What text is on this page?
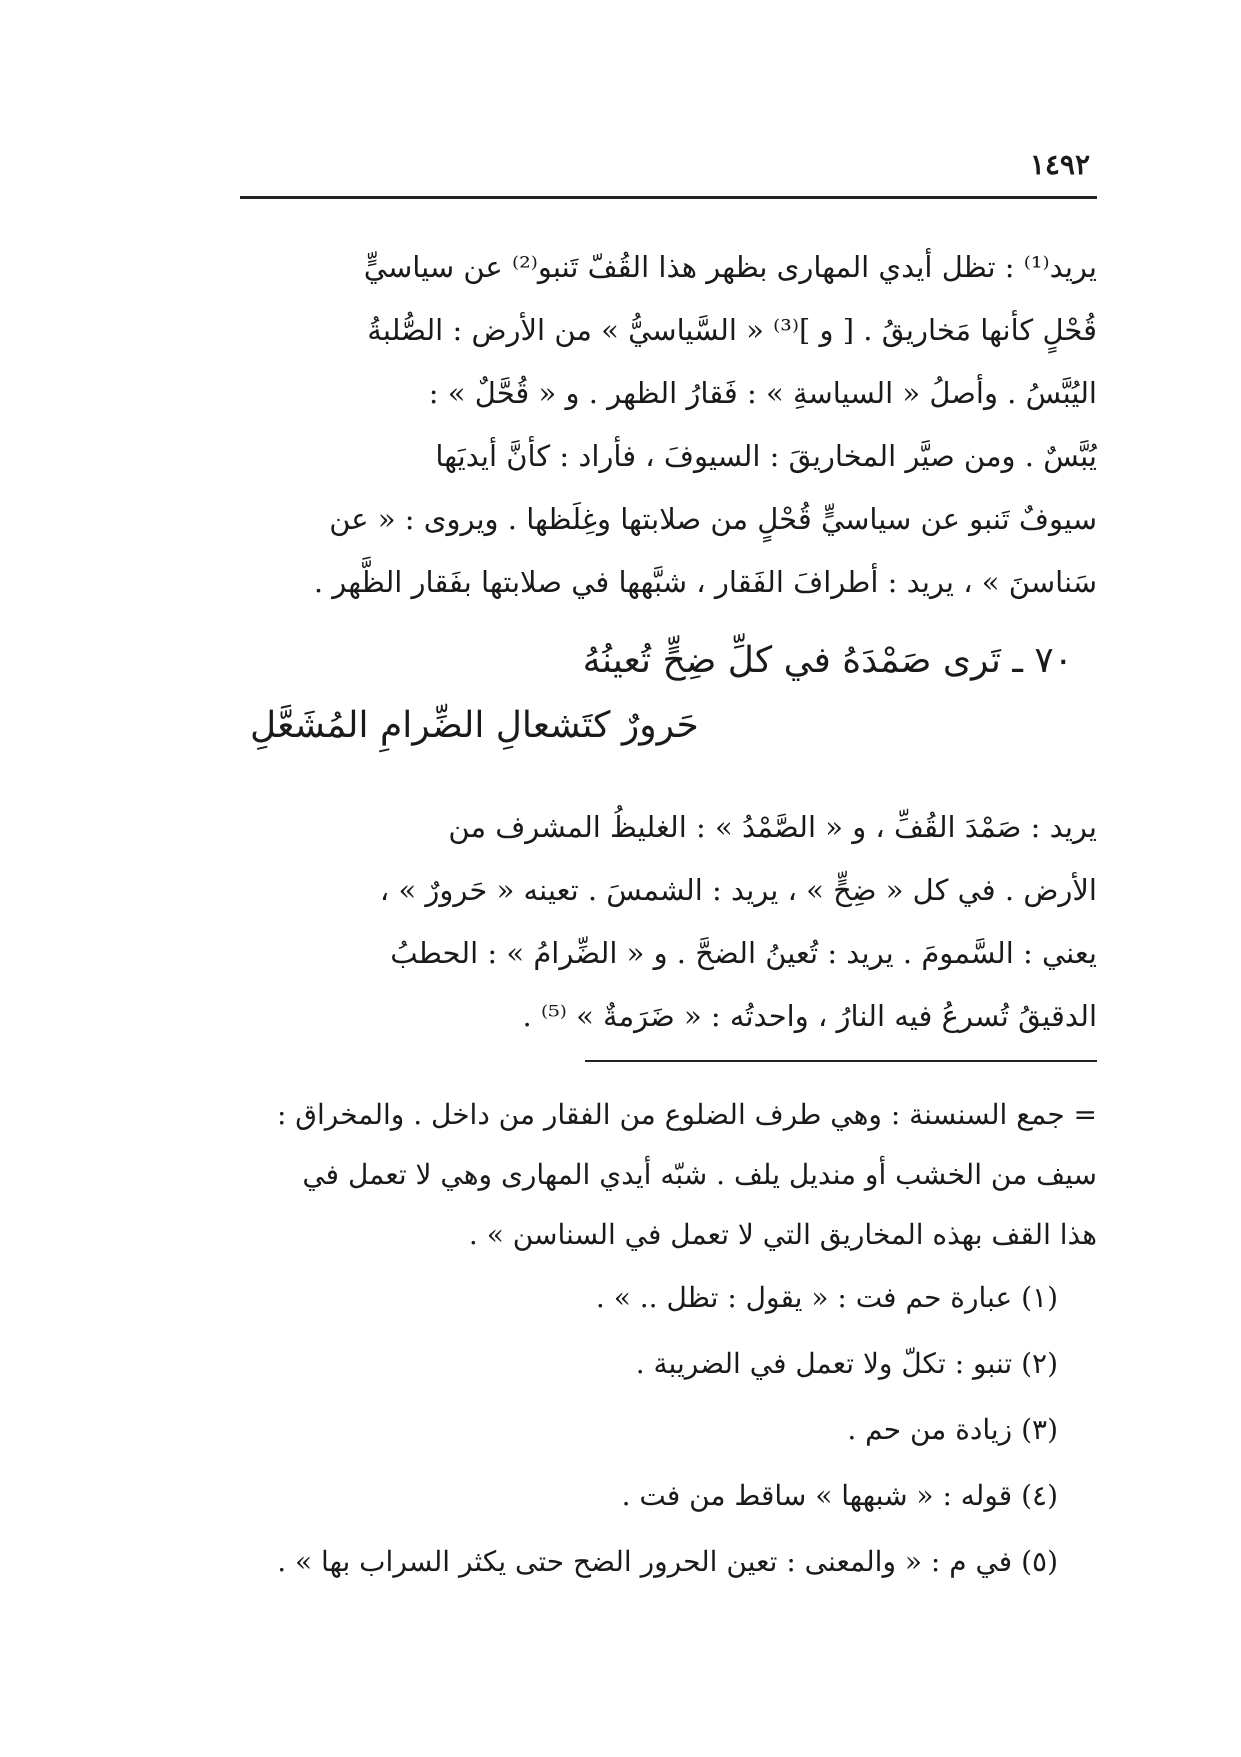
١٤٩٢
يريد⁽¹⁾ : تظل أيدي المهارى بظهر هذا القُفّ تَنبو⁽²⁾ عن سياسيٍّ
قُحْلٍ كأنها مَخاريقُ . [ و ]⁽³⁾ « السَّياسيُّ » من الأرض : الصُّلبةُ
اليُبَّسُ . وأصلُ « السياسةِ » : فَقارُ الظهر . و « قُحَّلٌ » :
يُبَّسٌ . ومن صيَّر المخاريقَ : السيوفَ ، فأراد : كأنَّ أيديَها
سيوفٌ تَنبو عن سياسيٍّ قُحْلٍ من صلابتها وغِلَظها . ويروى : « عن
سَناسنَ » ، يريد : أطرافَ الفَقار ، شبَّهها في صلابتها بفَقار الظَّهر .
٧٠ ـ تَرى صَمْدَهُ في كلِّ ضِحٍّ تُعينُهُ
حَرورٌ كتَشعالِ الضِّرامِ المُشَعَّلِ
يريد : صَمْدَ القُفِّ ، و « الصَّمْدُ » : الغليظُ المشرف من
الأرض . في كل « ضِحٍّ » ، يريد : الشمسَ . تعينه « حَرورٌ » ،
يعني : السَّمومَ . يريد : تُعينُ الضحَّ . و « الضِّرامُ » : الحطبُ
الدقيقُ تُسرعُ فيه النارُ ، واحدتُه : « ضَرَمةٌ » ⁽⁵⁾ .
= جمع السنسنة : وهي طرف الضلوع من الفقار من داخل . والمخراق :
سيف من الخشب أو منديل يلف . شبّه أيدي المهارى وهي لا تعمل في
هذا القف بهذه المخاريق التي لا تعمل في السناسن » .
(١) عبارة حم فت : « يقول : تظل .. » .
(٢) تنبو : تكلّ ولا تعمل في الضريبة .
(٣) زيادة من حم .
(٤) قوله : « شبهها » ساقط من فت .
(٥) في م : « والمعنى : تعين الحرور الضح حتى يكثر السراب بها » .
